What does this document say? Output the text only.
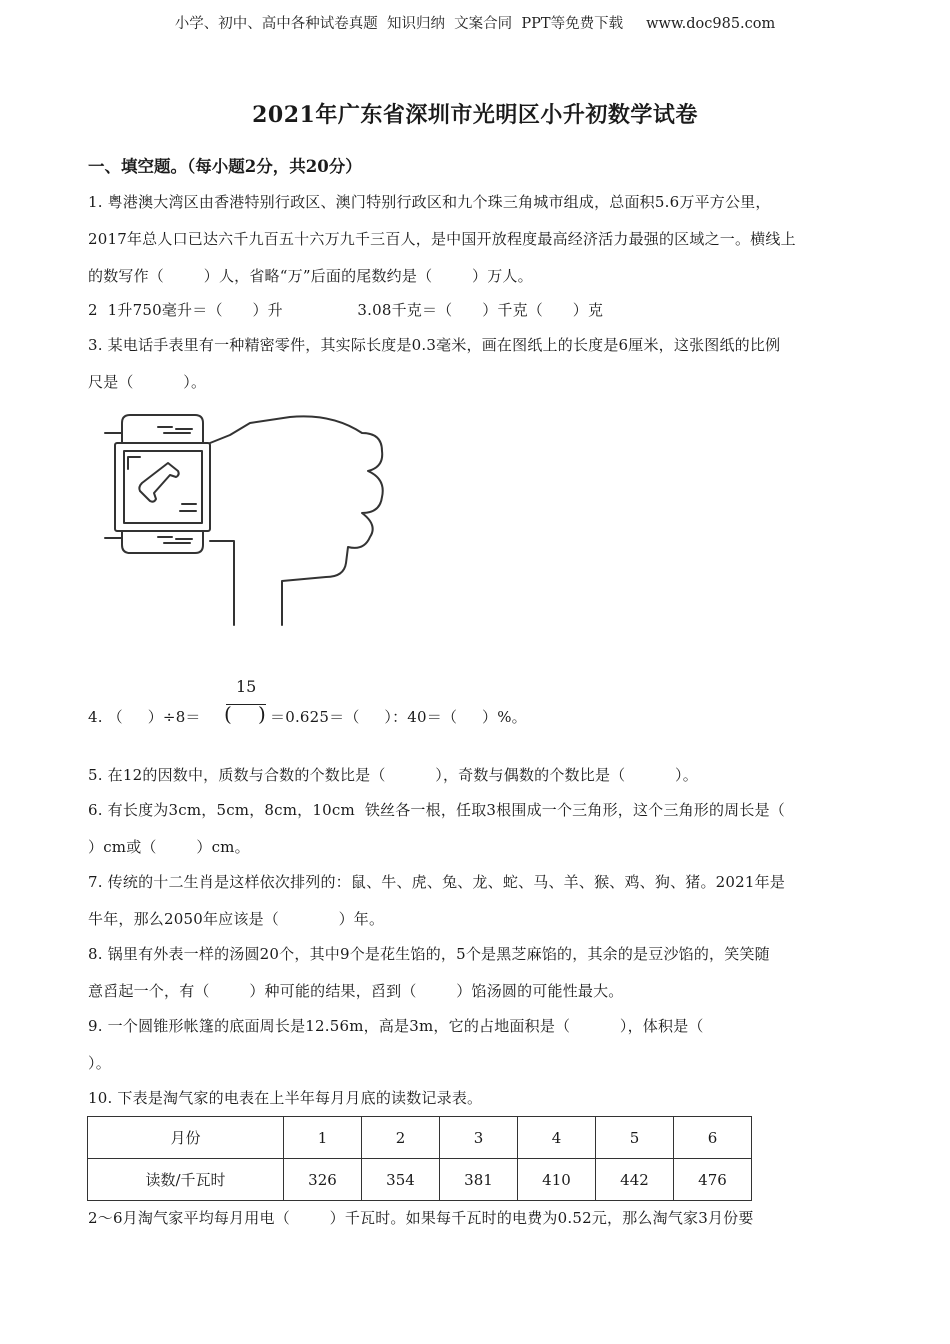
小学、初中、高中各种试卷真题  知识归纳  文案合同  PPT等免费下载     www.doc985.com
2021年广东省深圳市光明区小升初数学试卷
一、填空题。（每小题2分，共20分）
1. 粤港澳大湾区由香港特别行政区、澳门特别行政区和九个珠三角城市组成，总面积5.6万平方公里，
2017年总人口已达六千九百五十六万九千三百人，是中国开放程度最高经济活力最强的区域之一。横线上
的数写作（        ）人，省略“万”后面的尾数约是（        ）万人。
2  1升750毫升＝（      ）升               3.08千克＝（      ）千克（      ）克
3. 某电话手表里有一种精密零件，其实际长度是0.3毫米，画在图纸上的长度是6厘米，这张图纸的比例
尺是（          ）。
15
( )
4. （     ）÷8＝	＝0.625＝（     ）：40＝（     ）%。
5. 在12的因数中，质数与合数的个数比是（          ），奇数与偶数的个数比是（          ）。
6. 有长度为3cm，5cm，8cm，10cm  铁丝各一根，任取3根围成一个三角形，这个三角形的周长是（
）cm或（        ）cm。
7. 传统的十二生肖是这样依次排列的：鼠、牛、虎、兔、龙、蛇、马、羊、猴、鸡、狗、猪。2021年是
牛年，那么2050年应该是（            ）年。
8. 锅里有外表一样的汤圆20个，其中9个是花生馅的，5个是黑芝麻馅的，其余的是豆沙馅的，笑笑随
意舀起一个，有（        ）种可能的结果，舀到（        ）馅汤圆的可能性最大。
9. 一个圆锥形帐篷的底面周长是12.56m，高是3m，它的占地面积是（          ），体积是（
）。
10. 下表是淘气家的电表在上半年每月月底的读数记录表。
月份	1	2	3	4	5	6
读数/千瓦时	326	354	381	410	442	476
2～6月淘气家平均每月用电（        ）千瓦时。如果每千瓦时的电费为0.52元，那么淘气家3月份要
